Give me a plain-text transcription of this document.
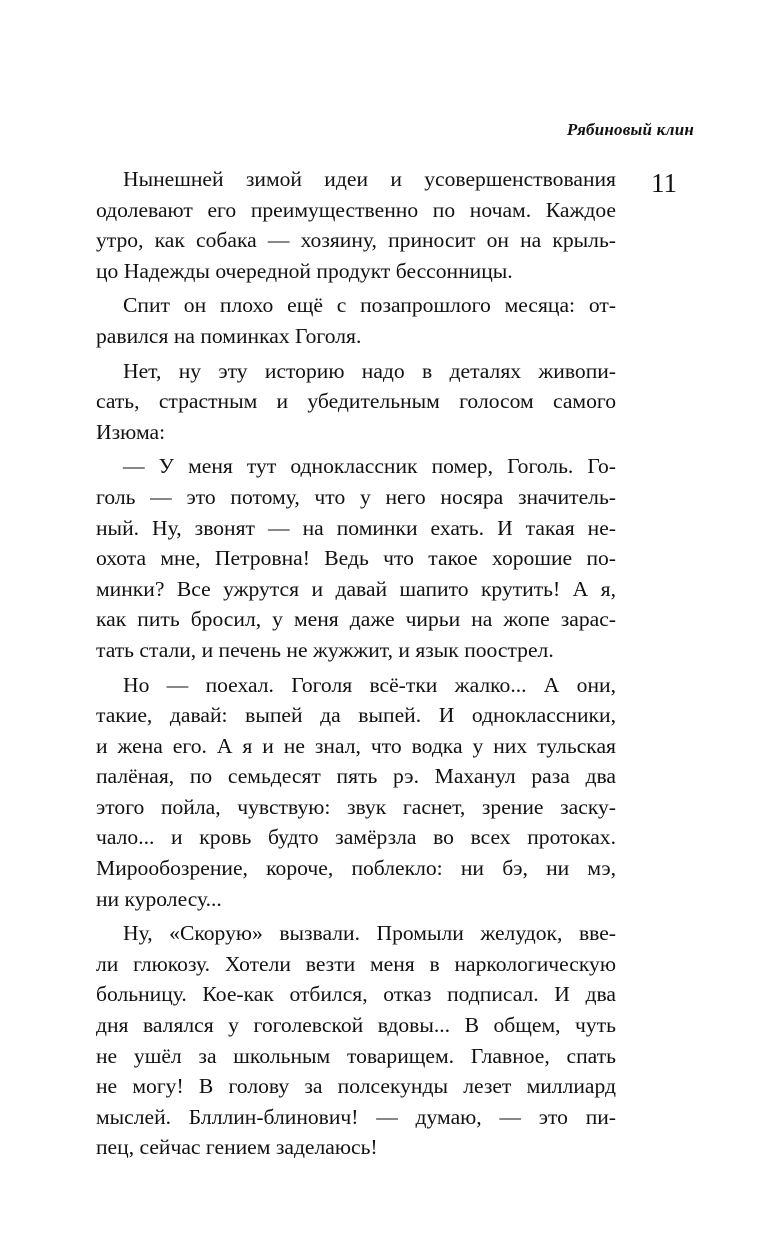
Рябиновый клин
11
Нынешней зимой идеи и усовершенствования
одолевают его преимущественно по ночам. Каждое
утро, как собака — хозяину, приносит он на крыль-
цо Надежды очередной продукт бессонницы.
Спит он плохо ещё с позапрошлого месяца: от-
равился на поминках Гоголя.
Нет, ну эту историю надо в деталях живопи-
сать, страстным и убедительным голосом самого
Изюма:
— У меня тут одноклассник помер, Гоголь. Го-
голь — это потому, что у него носяра значитель-
ный. Ну, звонят — на поминки ехать. И такая не-
охота мне, Петровна! Ведь что такое хорошие по-
минки? Все ужрутся и давай шапито крутить! А я,
как пить бросил, у меня даже чирьи на жопе зарас-
тать стали, и печень не жужжит, и язык поострел.
Но — поехал. Гоголя всё-тки жалко... А они,
такие, давай: выпей да выпей. И одноклассники,
и жена его. А я и не знал, что водка у них тульская
палёная, по семьдесят пять рэ. Маханул раза два
этого пойла, чувствую: звук гаснет, зрение заску-
чало... и кровь будто замёрзла во всех протоках.
Мирообозрение, короче, поблекло: ни бэ, ни мэ,
ни куролесу...
Ну, «Скорую» вызвали. Промыли желудок, вве-
ли глюкозу. Хотели везти меня в наркологическую
больницу. Кое-как отбился, отказ подписал. И два
дня валялся у гоголевской вдовы... В общем, чуть
не ушёл за школьным товарищем. Главное, спать
не могу! В голову за полсекунды лезет миллиард
мыслей. Блллин-блинович! — думаю, — это пи-
пец, сейчас гением заделаюсь!
